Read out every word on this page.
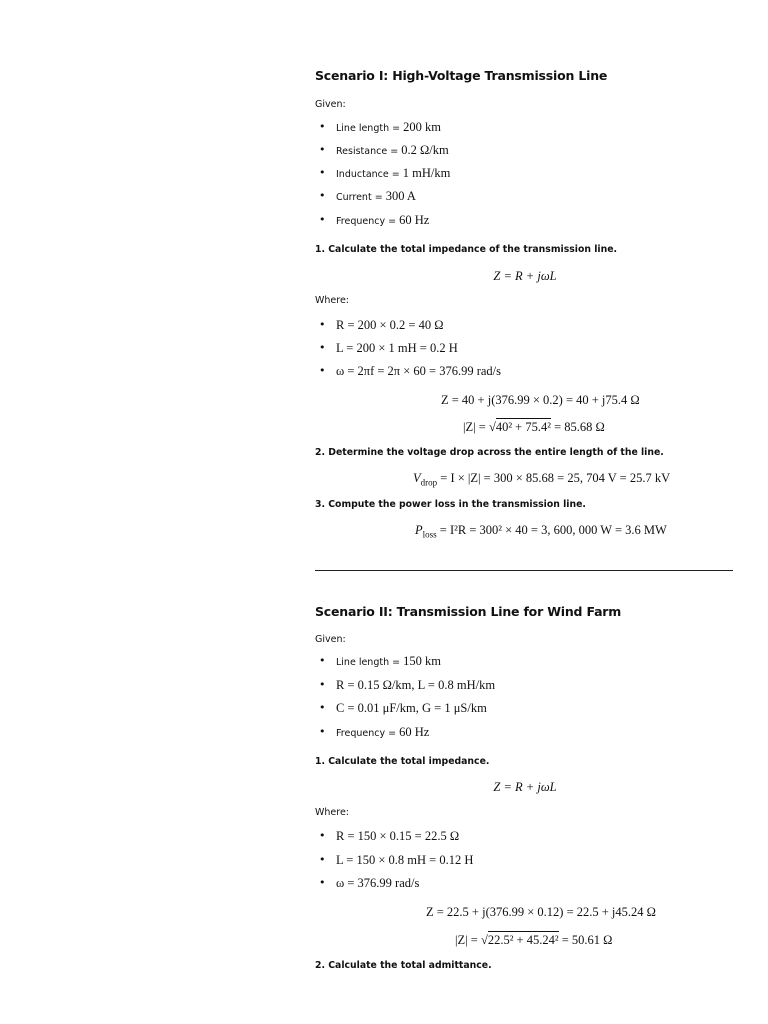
Scenario I: High-Voltage Transmission Line
Given:
Line length = 200 km
Resistance = 0.2 Ω/km
Inductance = 1 mH/km
Current = 300 A
Frequency = 60 Hz
1. Calculate the total impedance of the transmission line.
Z = R + jωL
Where:
R = 200 × 0.2 = 40 Ω
L = 200 × 1 mH = 0.2 H
ω = 2πf = 2π × 60 = 376.99 rad/s
Z = 40 + j(376.99 × 0.2) = 40 + j75.4 Ω
|Z| = √40² + 75.4² = 85.68 Ω
2. Determine the voltage drop across the entire length of the line.
$V_{drop} = I \times |Z| = 300 \times 85.68 = 25$, 704 V = 25.7 kV
3. Compute the power loss in the transmission line.
$P_{loss} = I^2R = 300^2 \times 40 = 3$, 600, 000 W = 3.6 MW
Scenario II: Transmission Line for Wind Farm
Given:
Line length = 150 km
R = 0.15 Ω/km, L = 0.8 mH/km
C = 0.01 μF/km, G = 1 μS/km
Frequency = 60 Hz
1. Calculate the total impedance.
Z = R + jωL
Where:
R = 150 × 0.15 = 22.5 Ω
L = 150 × 0.8 mH = 0.12 H
ω = 376.99 rad/s
Z = 22.5 + j(376.99 × 0.12) = 22.5 + j45.24 Ω
|Z| = √22.5² + 45.24² = 50.61 Ω
2. Calculate the total admittance.
